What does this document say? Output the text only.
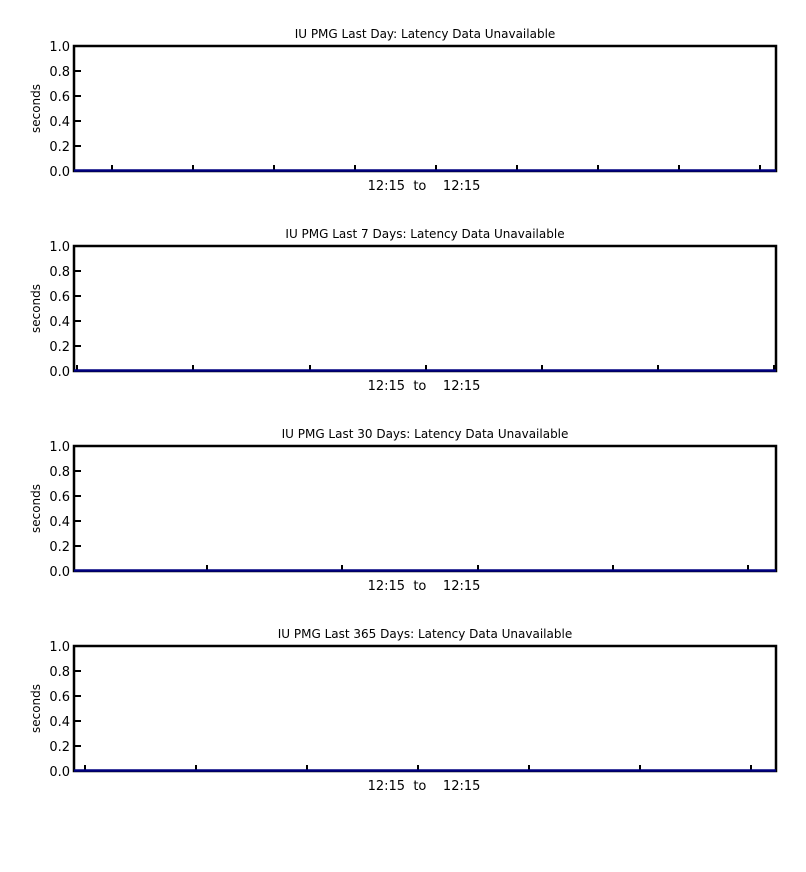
IU PMG Last Day: Latency Data Unavailable
0.0
0.2
0.4
0.6
0.8
1.0
seconds
12:15  to    12:15
IU PMG Last 7 Days: Latency Data Unavailable
0.0
0.2
0.4
0.6
0.8
1.0
seconds
12:15  to    12:15
IU PMG Last 30 Days: Latency Data Unavailable
0.0
0.2
0.4
0.6
0.8
1.0
seconds
12:15  to    12:15
IU PMG Last 365 Days: Latency Data Unavailable
0.0
0.2
0.4
0.6
0.8
1.0
seconds
12:15  to    12:15
